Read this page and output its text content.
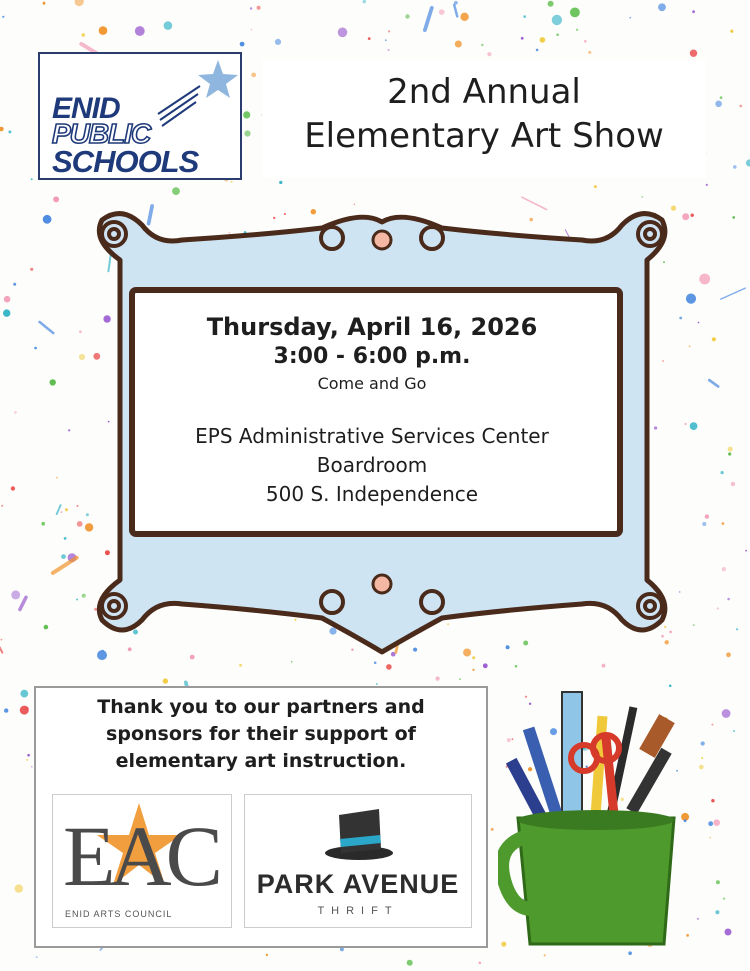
ENID
PUBLIC
SCHOOLS
2nd Annual
Elementary Art Show
Thursday, April 16, 2026
3:00 - 6:00 p.m.
Come and Go
EPS Administrative Services Center
Boardroom
500 S. Independence
Thank you to our partners and
sponsors for their support of
elementary art instruction.
EAC
ENID ARTS COUNCIL
PARK AVENUE
THRIFT
